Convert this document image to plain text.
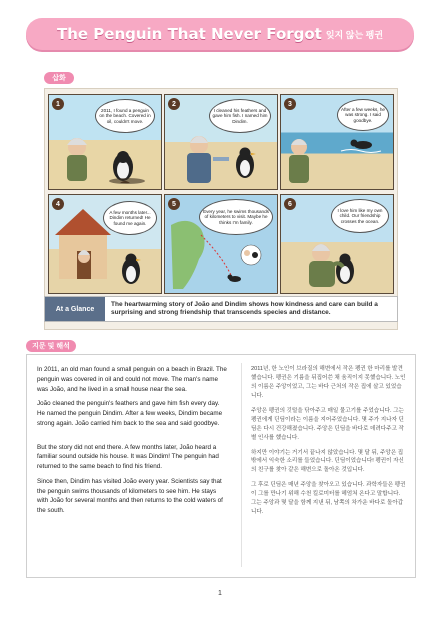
The Penguin That Never Forgot 잊지 않는 펭귄
삽화
1
2011, I found a penguin on the beach. Covered in oil, couldn't move.
2
I cleaned his feathers and gave him fish. I named him Dindim.
3
After a few weeks, he was strong. I said goodbye.
4
A few months later... Dindim returned! He found me again.
5
Every year, he swims thousands of kilometers to visit. Maybe he thinks I'm family.
6
I love him like my own child. Our friendship crosses the ocean.
At a Glance
The heartwarming story of João and Dindim shows how kindness and care can build a surprising and strong friendship that transcends species and distance.
지문 및 해석

In 2011, an old man found a small penguin on a beach in Brazil. The penguin was covered in oil and could not move. The man's name was João, and he lived in a small house near the sea.

João cleaned the penguin's feathers and gave him fish every day. He named the penguin Dindim. After a few weeks, Dindim became strong again. João carried him back to the sea and said goodbye.

But the story did not end there. A few months later, João heard a familiar sound outside his house. It was Dindim! The penguin had returned to the same beach to find his friend.

Since then, Dindim has visited João every year. Scientists say that the penguin swims thousands of kilometers to see him. He stays with João for several months and then returns to the cold waters of the south.

2011년, 한 노인이 브라질의 해변에서 작은 펭귄 한 마리를 발견했습니다. 펭귄은 기름을 뒤집어쓴 채 움직이지 못했습니다. 노인의 이름은 주앙이었고, 그는 바다 근처의 작은 집에 살고 있었습니다.

주앙은 펭귄의 깃털을 닦아주고 매일 물고기를 주었습니다. 그는 펭귄에게 딘딤이라는 이름을 지어주었습니다. 몇 주가 지나자 딘딤은 다시 건강해졌습니다. 주앙은 딘딤을 바다로 데려다주고 작별 인사를 했습니다.

하지만 이야기는 거기서 끝나지 않았습니다. 몇 달 뒤, 주앙은 집 밖에서 익숙한 소리를 들었습니다. 딘딤이었습니다! 펭귄이 자신의 친구를 찾아 같은 해변으로 돌아온 것입니다.

그 후로 딘딤은 매년 주앙을 찾아오고 있습니다. 과학자들은 펭귄이 그를 만나기 위해 수천 킬로미터를 헤엄쳐 온다고 말합니다. 그는 주앙과 몇 달을 함께 지낸 뒤, 남쪽의 차가운 바다로 돌아갑니다.

1
